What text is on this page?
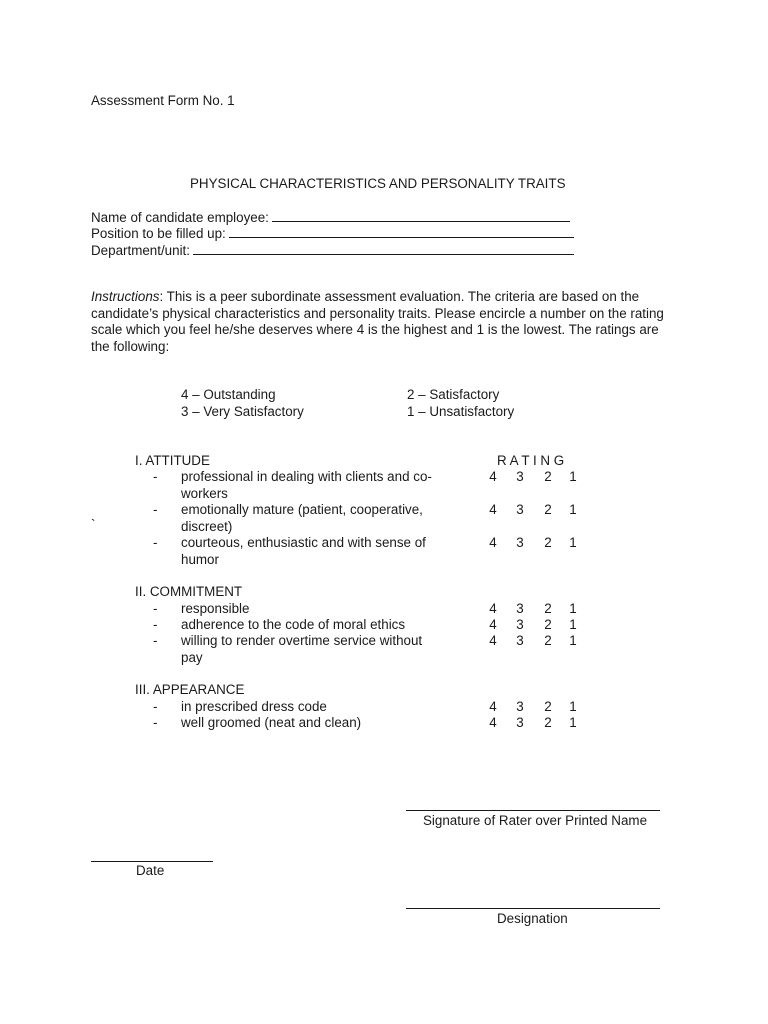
Assessment Form No. 1
PHYSICAL CHARACTERISTICS AND PERSONALITY TRAITS
Name of candidate employee:
Position to be filled up:
Department/unit:
Instructions: This is a peer subordinate assessment evaluation. The criteria are based on the candidate’s physical characteristics and personality traits. Please encircle a number on the rating scale which you feel he/she deserves where 4 is the highest and 1 is the lowest. The ratings are the following:
4 – Outstanding
3 – Very Satisfactory
2 – Satisfactory
1 – Unsatisfactory
R A T I N G
`
I. ATTITUDE
- professional in dealing with clients and co-workers
4 3 2 1
- emotionally mature (patient, cooperative, discreet)
4 3 2 1
- courteous, enthusiastic and with sense of humor
4 3 2 1
II. COMMITMENT
- responsible	4 3 2 1
- adherence to the code of moral ethics	4 3 2 1
- willing to render overtime service without pay
4 3 2 1
III. APPEARANCE
- in prescribed dress code	4 3 2 1
- well groomed (neat and clean)	4 3 2 1
Signature of Rater over Printed Name
Date
Designation
